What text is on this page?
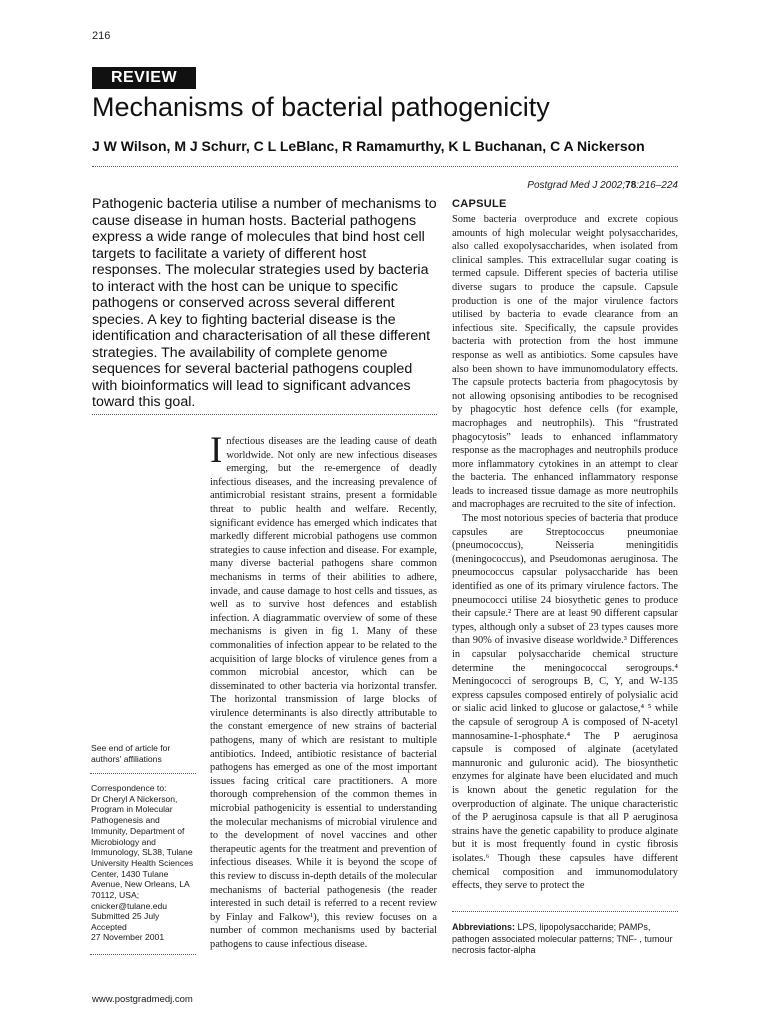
216
REVIEW
Mechanisms of bacterial pathogenicity
J W Wilson, M J Schurr, C L LeBlanc, R Ramamurthy, K L Buchanan, C A Nickerson
Postgrad Med J 2002;78:216–224
Pathogenic bacteria utilise a number of mechanisms to cause disease in human hosts. Bacterial pathogens express a wide range of molecules that bind host cell targets to facilitate a variety of different host responses. The molecular strategies used by bacteria to interact with the host can be unique to specific pathogens or conserved across several different species. A key to fighting bacterial disease is the identification and characterisation of all these different strategies. The availability of complete genome sequences for several bacterial pathogens coupled with bioinformatics will lead to significant advances toward this goal.
I nfectious diseases are the leading cause of death worldwide. Not only are new infectious diseases emerging, but the re-emergence of deadly infectious diseases, and the increasing prevalence of antimicrobial resistant strains, present a formidable threat to public health and welfare. Recently, significant evidence has emerged which indicates that markedly different microbial pathogens use common strategies to cause infection and disease. For example, many diverse bacterial pathogens share common mechanisms in terms of their abilities to adhere, invade, and cause damage to host cells and tissues, as well as to survive host defences and establish infection. A diagrammatic overview of some of these mechanisms is given in fig 1. Many of these commonalities of infection appear to be related to the acquisition of large blocks of virulence genes from a common microbial ancestor, which can be disseminated to other bacteria via horizontal transfer. The horizontal transmission of large blocks of virulence determinants is also directly attributable to the constant emergence of new strains of bacterial pathogens, many of which are resistant to multiple antibiotics. Indeed, antibiotic resistance of bacterial pathogens has emerged as one of the most important issues facing critical care practitioners. A more thorough comprehension of the common themes in microbial pathogenicity is essential to understanding the molecular mechanisms of microbial virulence and to the development of novel vaccines and other therapeutic agents for the treatment and prevention of infectious diseases. While it is beyond the scope of this review to discuss in-depth details of the molecular mechanisms of bacterial pathogenesis (the reader interested in such detail is referred to a recent review by Finlay and Falkow¹), this review focuses on a number of common mechanisms used by bacterial pathogens to cause infectious disease.
CAPSULE

Some bacteria overproduce and excrete copious amounts of high molecular weight polysaccharides, also called exopolysaccharides, when isolated from clinical samples. This extracellular sugar coating is termed capsule. Different species of bacteria utilise diverse sugars to produce the capsule. Capsule production is one of the major virulence factors utilised by bacteria to evade clearance from an infectious site. Specifically, the capsule provides bacteria with protection from the host immune response as well as antibiotics. Some capsules have also been shown to have immunomodulatory effects. The capsule protects bacteria from phagocytosis by not allowing opsonising antibodies to be recognised by phagocytic host defence cells (for example, macrophages and neutrophils). This “frustrated phagocytosis” leads to enhanced inflammatory response as the macrophages and neutrophils produce more inflammatory cytokines in an attempt to clear the bacteria. The enhanced inflammatory response leads to increased tissue damage as more neutrophils and macrophages are recruited to the site of infection.

The most notorious species of bacteria that produce capsules are Streptococcus pneumoniae (pneumococcus), Neisseria meningitidis (meningococcus), and Pseudomonas aeruginosa. The pneumococcus capsular polysaccharide has been identified as one of its primary virulence factors. The pneumococci utilise 24 biosythetic genes to produce their capsule.² There are at least 90 different capsular types, although only a subset of 23 types causes more than 90% of invasive disease worldwide.³ Differences in capsular polysaccharide chemical structure determine the meningococcal serogroups.⁴ Meningococci of serogroups B, C, Y, and W-135 express capsules composed entirely of polysialic acid or sialic acid linked to glucose or galactose,⁴ ⁵ while the capsule of serogroup A is composed of N-acetyl mannosamine-1-phosphate.⁴ The P aeruginosa capsule is composed of alginate (acetylated mannuronic and guluronic acid). The biosynthetic enzymes for alginate have been elucidated and much is known about the genetic regulation for the overproduction of alginate. The unique characteristic of the P aeruginosa capsule is that all P aeruginosa strains have the genetic capability to produce alginate but it is most frequently found in cystic fibrosis isolates.⁶ Though these capsules have different chemical composition and immunomodulatory effects, they serve to protect the

See end of article for authors' affiliations
Correspondence to:
Dr Cheryl A Nickerson,
Program in Molecular
Pathogenesis and
Immunity, Department of
Microbiology and
Immunology, SL38, Tulane
University Health Sciences
Center, 1430 Tulane
Avenue, New Orleans, LA
70112, USA;
cnicker@tulane.edu
Submitted 25 July
Accepted
27 November 2001
Abbreviations: LPS, lipopolysaccharide; PAMPs, pathogen associated molecular patterns; TNF- , tumour necrosis factor-alpha
www.postgradmedj.com
